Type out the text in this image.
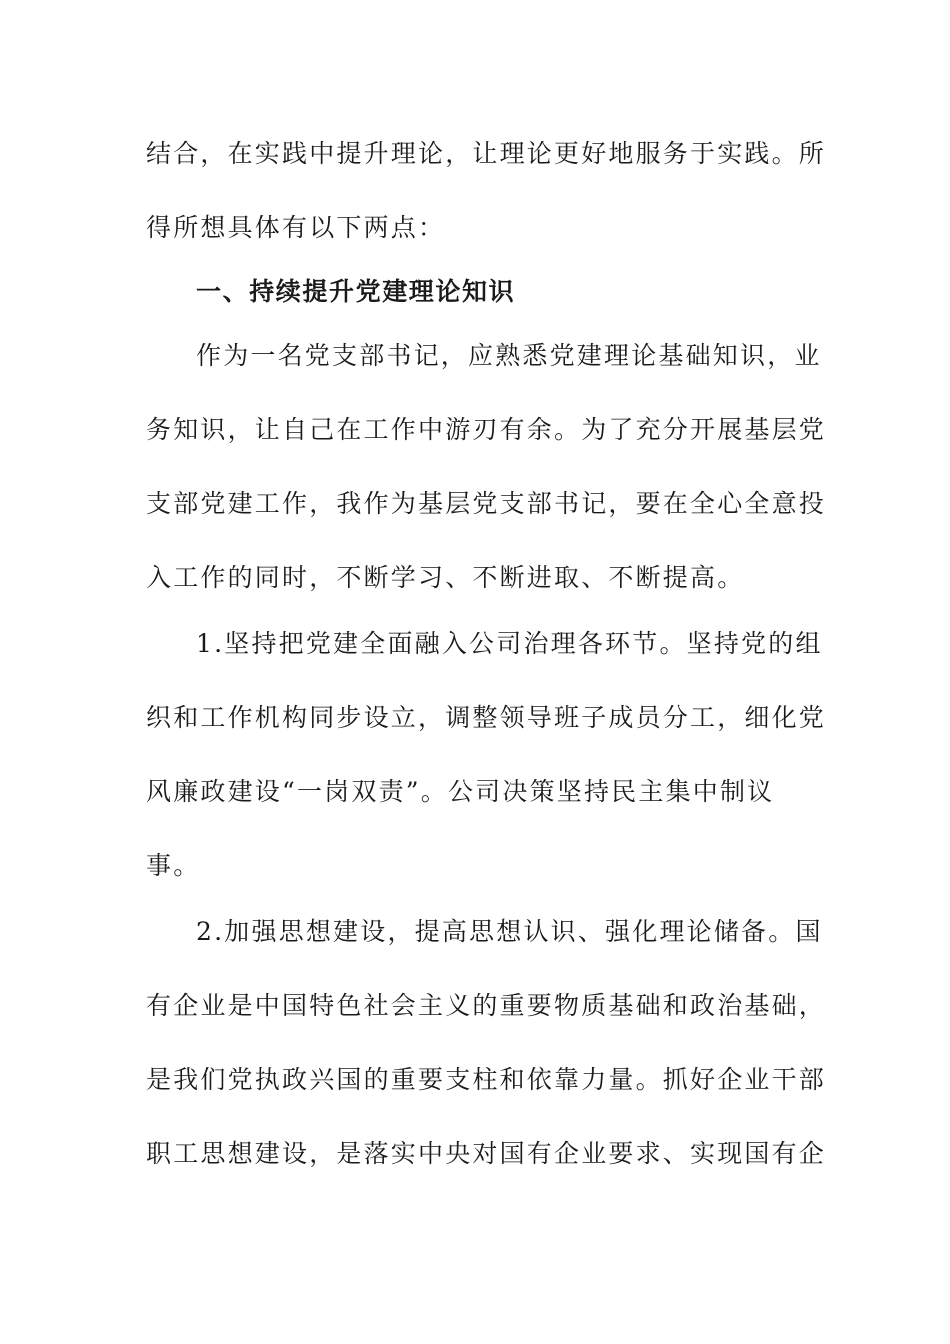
结合，在实践中提升理论，让理论更好地服务于实践。所
得所想具体有以下两点：
一、持续提升党建理论知识
作为一名党支部书记，应熟悉党建理论基础知识，业
务知识，让自己在工作中游刃有余。为了充分开展基层党
支部党建工作，我作为基层党支部书记，要在全心全意投
入工作的同时，不断学习、不断进取、不断提高。
1.坚持把党建全面融入公司治理各环节。坚持党的组
织和工作机构同步设立，调整领导班子成员分工，细化党
风廉政建设“一岗双责”。公司决策坚持民主集中制议
事。
2.加强思想建设，提高思想认识、强化理论储备。国
有企业是中国特色社会主义的重要物质基础和政治基础，
是我们党执政兴国的重要支柱和依靠力量。抓好企业干部
职工思想建设，是落实中央对国有企业要求、实现国有企
